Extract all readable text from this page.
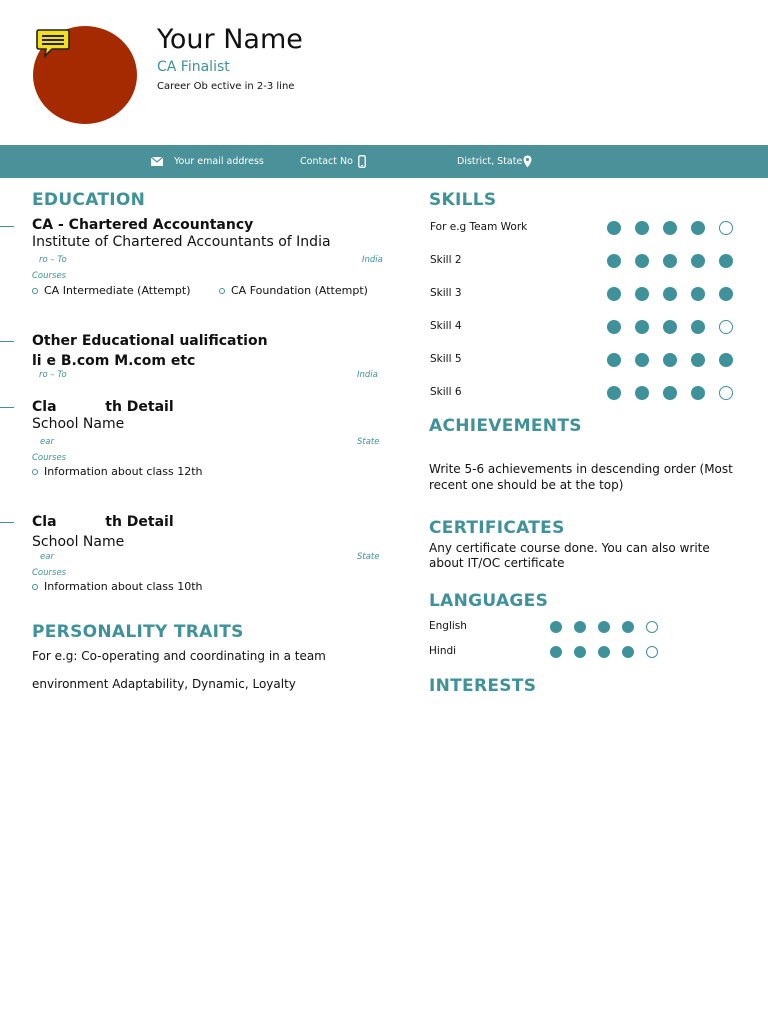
Your Name
CA Finalist
Career Ob ective in 2-3 line
Your email address	Contact No	District, State
EDUCATION
CA - Chartered Accountancy
Institute of Chartered Accountants of India
ro – To	India
Courses
CA Intermediate (Attempt)	CA Foundation (Attempt)
Other Educational ualification
li e B.com M.com etc
ro – To	India
Cla          th Detail
School Name
ear	State
Courses
Information about class 12th
Cla          th Detail
School Name
ear	State
Courses
Information about class 10th
PERSONALITY TRAITS
For e.g: Co-operating and coordinating in a team
environment Adaptability, Dynamic, Loyalty
SKILLS
For e.g Team Work
Skill 2
Skill 3
Skill 4
Skill 5
Skill 6
ACHIEVEMENTS
Write 5-6 achievements in descending order (Most recent one should be at the top)
CERTIFICATES
Any certificate course done. You can also write about IT/OC certificate
LANGUAGES
English
Hindi
INTERESTS
